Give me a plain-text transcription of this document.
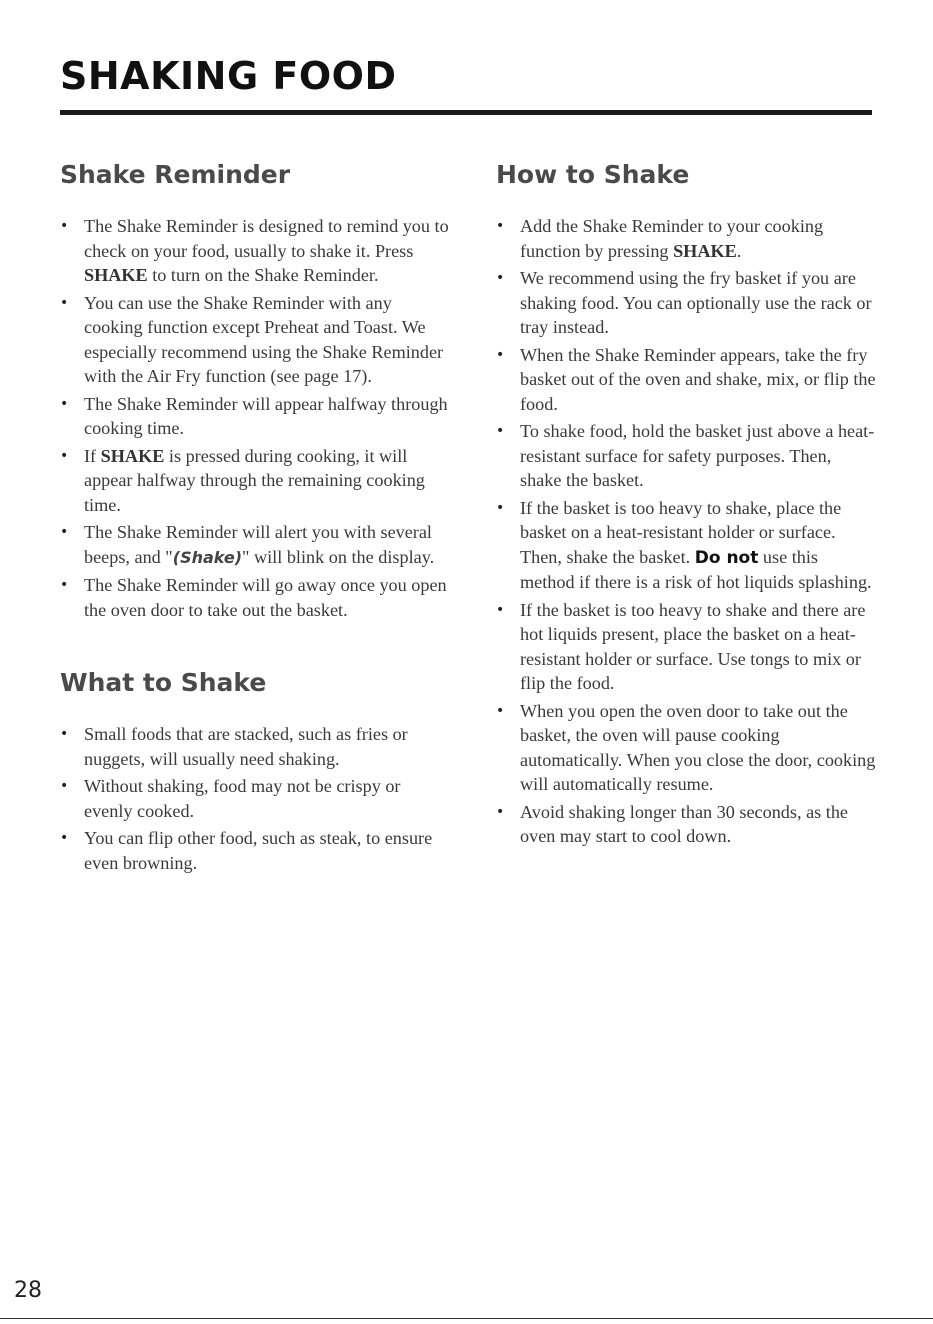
SHAKING FOOD
Shake Reminder
• The Shake Reminder is designed to remind you to check on your food, usually to shake it. Press SHAKE to turn on the Shake Reminder.
• You can use the Shake Reminder with any cooking function except Preheat and Toast. We especially recommend using the Shake Reminder with the Air Fry function (see page 17).
• The Shake Reminder will appear halfway through cooking time.
• If SHAKE is pressed during cooking, it will appear halfway through the remaining cooking time.
• The Shake Reminder will alert you with several beeps, and "(Shake)" will blink on the display.
• The Shake Reminder will go away once you open the oven door to take out the basket.
What to Shake
• Small foods that are stacked, such as fries or nuggets, will usually need shaking.
• Without shaking, food may not be crispy or evenly cooked.
• You can flip other food, such as steak, to ensure even browning.
How to Shake
• Add the Shake Reminder to your cooking function by pressing SHAKE.
• We recommend using the fry basket if you are shaking food. You can optionally use the rack or tray instead.
• When the Shake Reminder appears, take the fry basket out of the oven and shake, mix, or flip the food.
• To shake food, hold the basket just above a heat-resistant surface for safety purposes. Then, shake the basket.
• If the basket is too heavy to shake, place the basket on a heat-resistant holder or surface. Then, shake the basket. Do not use this method if there is a risk of hot liquids splashing.
• If the basket is too heavy to shake and there are hot liquids present, place the basket on a heat-resistant holder or surface. Use tongs to mix or flip the food.
• When you open the oven door to take out the basket, the oven will pause cooking automatically. When you close the door, cooking will automatically resume.
• Avoid shaking longer than 30 seconds, as the oven may start to cool down.
28
